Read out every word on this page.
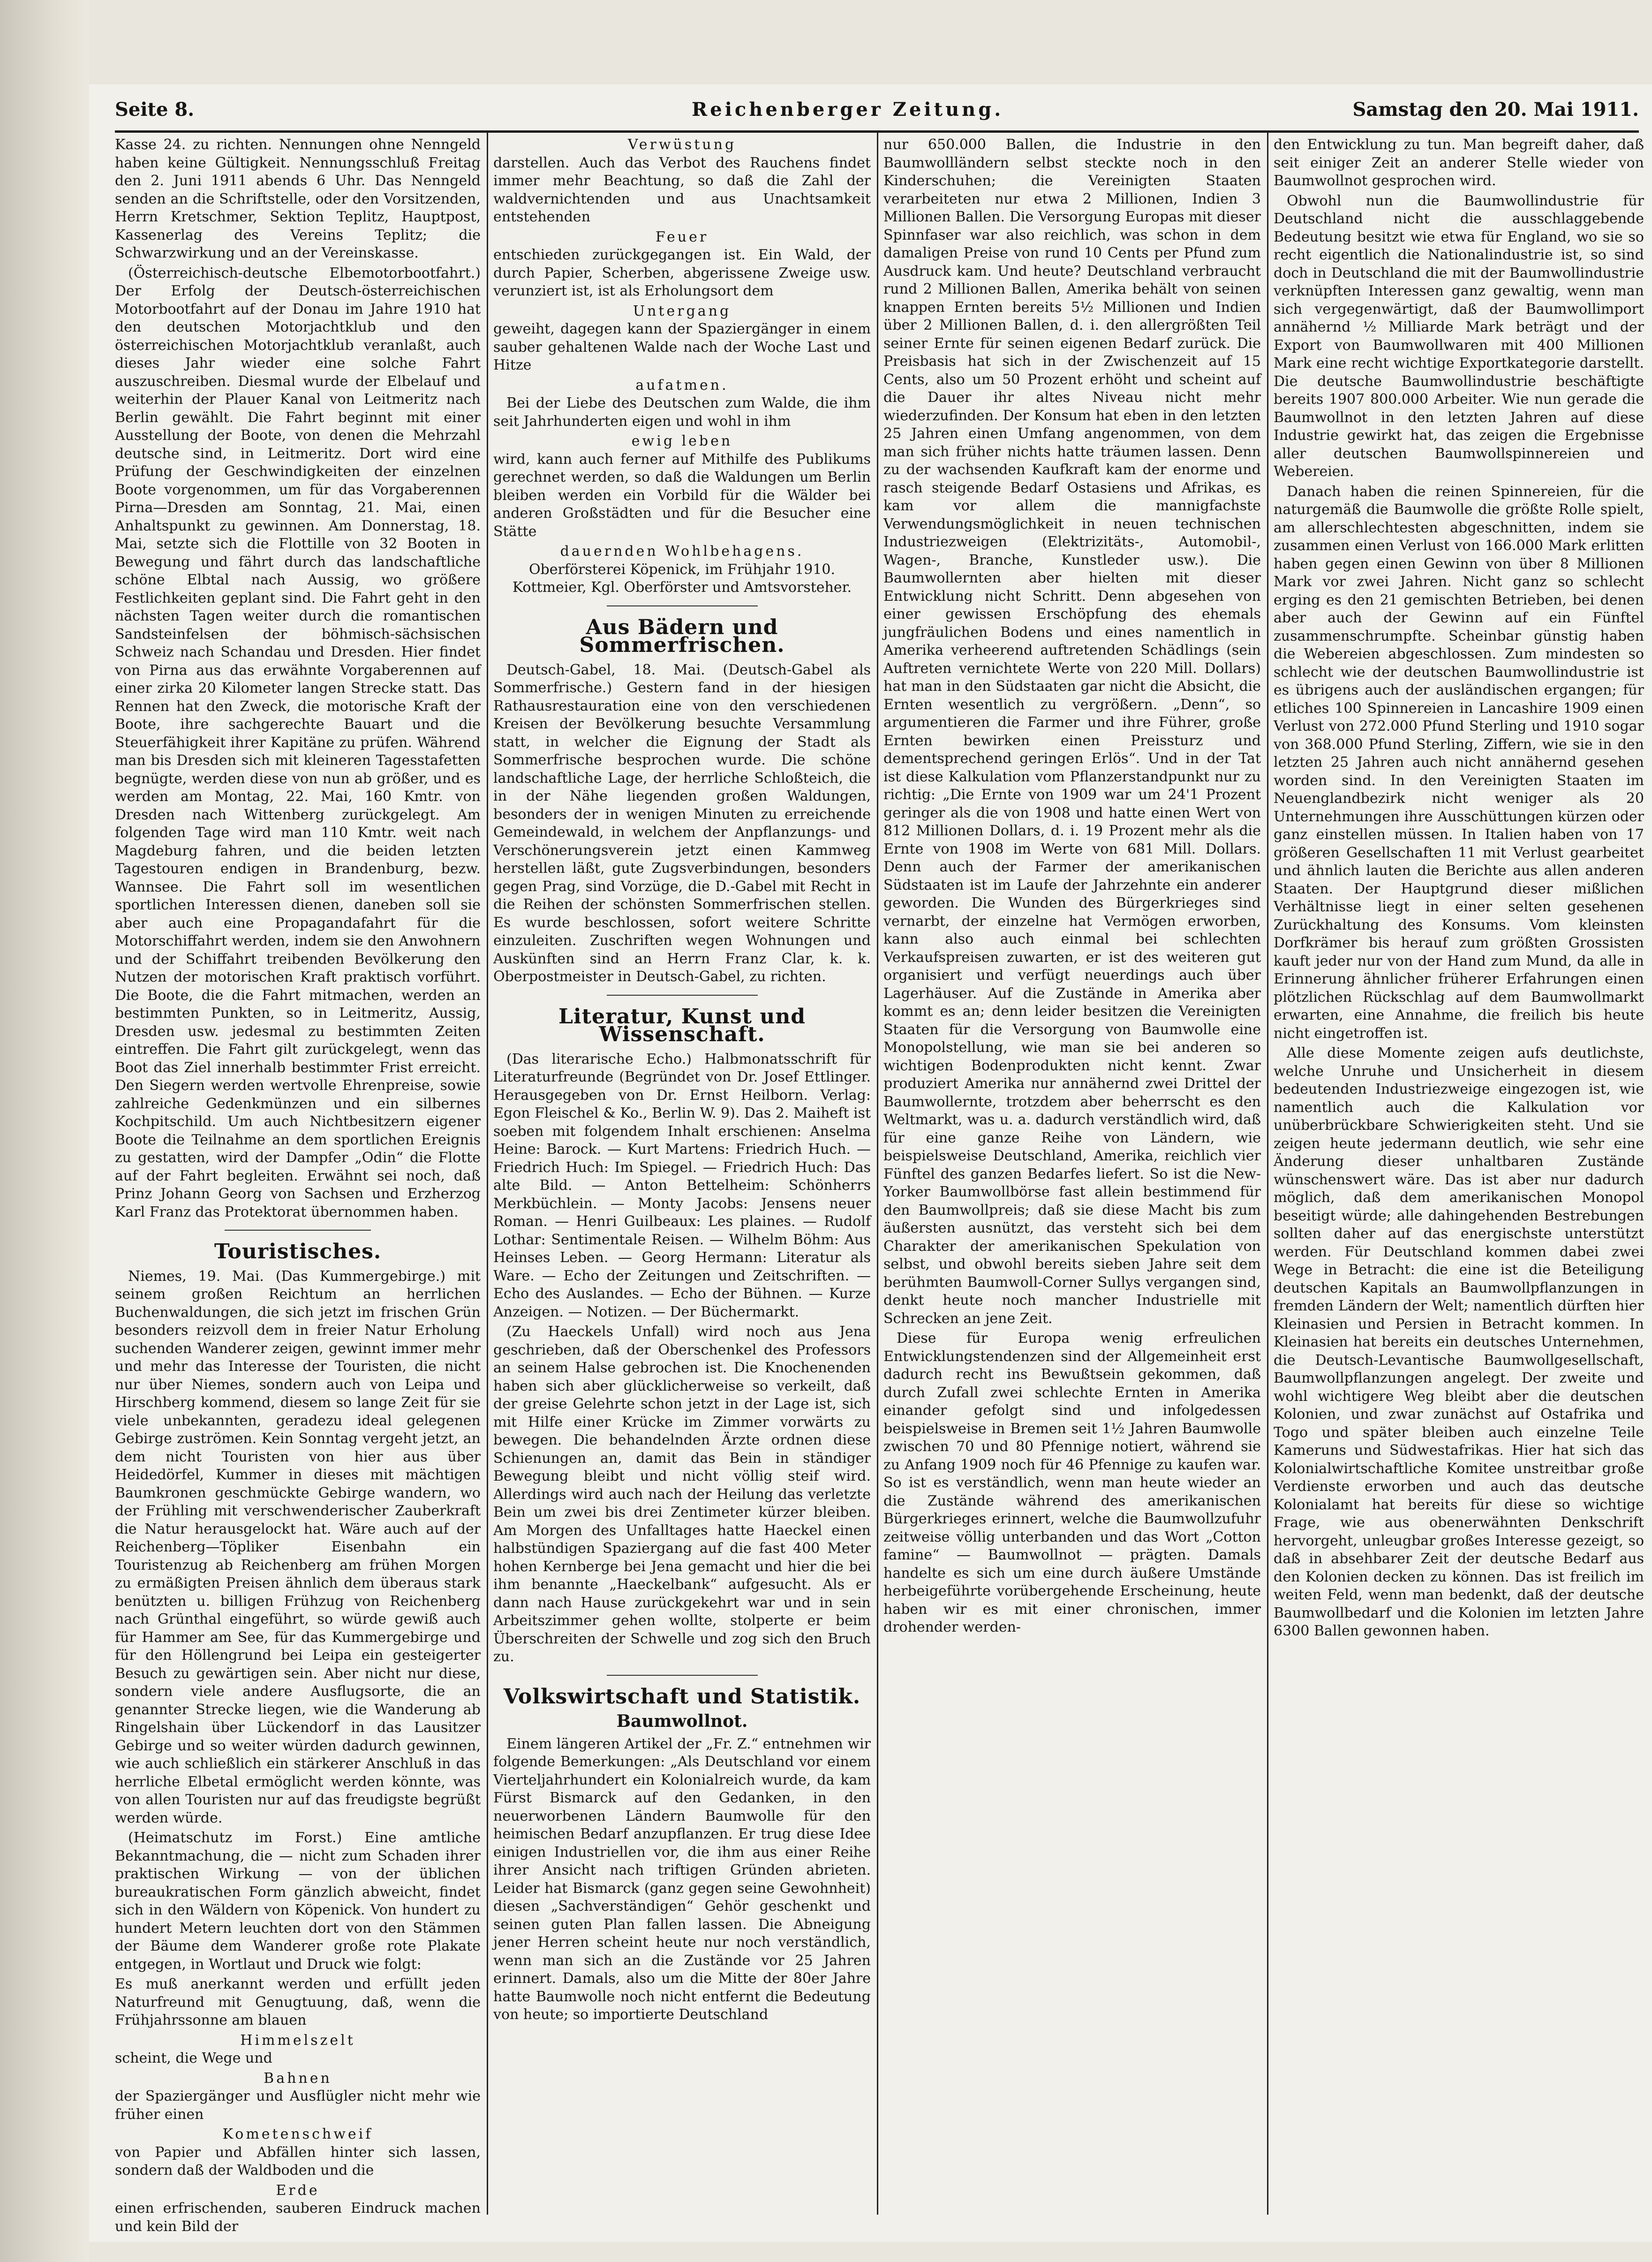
Seite 8.	Reichenberger Zeitung.	Samstag den 20. Mai 1911.

Kasse 24. zu richten. Nennungen ohne Nenngeld haben keine Gültigkeit. Nennungsschluß Freitag den 2. Juni 1911 abends 6 Uhr. Das Nenngeld senden an die Schriftstelle, oder den Vorsitzenden, Herrn Kretschmer, Sektion Teplitz, Hauptpost, Kassenerlag des Vereins Teplitz; die Schwarzwirkung und an der Vereinskasse.

(Österreichisch-deutsche Elbemotorbootfahrt.) Der Erfolg der Deutsch-österreichischen Motorbootfahrt auf der Donau im Jahre 1910 hat den deutschen Motorjachtklub und den österreichischen Motorjachtklub veranlaßt, auch dieses Jahr wieder eine solche Fahrt auszuschreiben. Diesmal wurde der Elbelauf und weiterhin der Plauer Kanal von Leitmeritz nach Berlin gewählt. Die Fahrt beginnt mit einer Ausstellung der Boote, von denen die Mehrzahl deutsche sind, in Leitmeritz. Dort wird eine Prüfung der Geschwindigkeiten der einzelnen Boote vorgenommen, um für das Vorgaberennen Pirna—Dresden am Sonntag, 21. Mai, einen Anhaltspunkt zu gewinnen. Am Donnerstag, 18. Mai, setzte sich die Flottille von 32 Booten in Bewegung und fährt durch das landschaftliche schöne Elbtal nach Aussig, wo größere Festlichkeiten geplant sind. Die Fahrt geht in den nächsten Tagen weiter durch die romantischen Sandsteinfelsen der böhmisch-sächsischen Schweiz nach Schandau und Dresden. Hier findet von Pirna aus das erwähnte Vorgaberennen auf einer zirka 20 Kilometer langen Strecke statt. Das Rennen hat den Zweck, die motorische Kraft der Boote, ihre sachgerechte Bauart und die Steuerfähigkeit ihrer Kapitäne zu prüfen. Während man bis Dresden sich mit kleineren Tagesstafetten begnügte, werden diese von nun ab größer, und es werden am Montag, 22. Mai, 160 Kmtr. von Dresden nach Wittenberg zurückgelegt. Am folgenden Tage wird man 110 Kmtr. weit nach Magdeburg fahren, und die beiden letzten Tagestouren endigen in Brandenburg, bezw. Wannsee. Die Fahrt soll im wesentlichen sportlichen Interessen dienen, daneben soll sie aber auch eine Propagandafahrt für die Motorschiffahrt werden, indem sie den Anwohnern und der Schiffahrt treibenden Bevölkerung den Nutzen der motorischen Kraft praktisch vorführt. Die Boote, die die Fahrt mitmachen, werden an bestimmten Punkten, so in Leitmeritz, Aussig, Dresden usw. jedesmal zu bestimmten Zeiten eintreffen. Die Fahrt gilt zurückgelegt, wenn das Boot das Ziel innerhalb bestimmter Frist erreicht. Den Siegern werden wertvolle Ehrenpreise, sowie zahlreiche Gedenkmünzen und ein silbernes Kochpitschild. Um auch Nichtbesitzern eigener Boote die Teilnahme an dem sportlichen Ereignis zu gestatten, wird der Dampfer „Odin“ die Flotte auf der Fahrt begleiten. Erwähnt sei noch, daß Prinz Johann Georg von Sachsen und Erzherzog Karl Franz das Protektorat übernommen haben.

Touristisches.

Niemes, 19. Mai. (Das Kummergebirge.) mit seinem großen Reichtum an herrlichen Buchenwaldungen, die sich jetzt im frischen Grün besonders reizvoll dem in freier Natur Erholung suchenden Wanderer zeigen, gewinnt immer mehr und mehr das Interesse der Touristen, die nicht nur über Niemes, sondern auch von Leipa und Hirschberg kommend, diesem so lange Zeit für sie viele unbekannten, geradezu ideal gelegenen Gebirge zuströmen. Kein Sonntag vergeht jetzt, an dem nicht Touristen von hier aus über Heidedörfel, Kummer in dieses mit mächtigen Baumkronen geschmückte Gebirge wandern, wo der Frühling mit verschwenderischer Zauberkraft die Natur herausgelockt hat. Wäre auch auf der Reichenberg—Töpliker Eisenbahn ein Touristenzug ab Reichenberg am frühen Morgen zu ermäßigten Preisen ähnlich dem überaus stark benützten u. billigen Frühzug von Reichenberg nach Grünthal eingeführt, so würde gewiß auch für Hammer am See, für das Kummergebirge und für den Höllengrund bei Leipa ein gesteigerter Besuch zu gewärtigen sein. Aber nicht nur diese, sondern viele andere Ausflugsorte, die an genannter Strecke liegen, wie die Wanderung ab Ringelshain über Lückendorf in das Lausitzer Gebirge und so weiter würden dadurch gewinnen, wie auch schließlich ein stärkerer Anschluß in das herrliche Elbetal ermöglicht werden könnte, was von allen Touristen nur auf das freudigste begrüßt werden würde.

(Heimatschutz im Forst.) Eine amtliche Bekanntmachung, die — nicht zum Schaden ihrer praktischen Wirkung — von der üblichen bureaukratischen Form gänzlich abweicht, findet sich in den Wäldern von Köpenick. Von hundert zu hundert Metern leuchten dort von den Stämmen der Bäume dem Wanderer große rote Plakate entgegen, in Wortlaut und Druck wie folgt:

Es muß anerkannt werden und erfüllt jeden Naturfreund mit Genugtuung, daß, wenn die Frühjahrssonne am blauen

Himmelszelt

scheint, die Wege und

Bahnen

der Spaziergänger und Ausflügler nicht mehr wie früher einen

Kometenschweif

von Papier und Abfällen hinter sich lassen, sondern daß der Waldboden und die

Erde

einen erfrischenden, sauberen Eindruck machen und kein Bild der

Verwüstung

darstellen. Auch das Verbot des Rauchens findet immer mehr Beachtung, so daß die Zahl der waldvernichtenden und aus Unachtsamkeit entstehenden

Feuer

entschieden zurückgegangen ist. Ein Wald, der durch Papier, Scherben, abgerissene Zweige usw. verunziert ist, ist als Erholungsort dem

Untergang

geweiht, dagegen kann der Spaziergänger in einem sauber gehaltenen Walde nach der Woche Last und Hitze

aufatmen.

Bei der Liebe des Deutschen zum Walde, die ihm seit Jahrhunderten eigen und wohl in ihm

ewig leben

wird, kann auch ferner auf Mithilfe des Publikums gerechnet werden, so daß die Waldungen um Berlin bleiben werden ein Vorbild für die Wälder bei anderen Großstädten und für die Besucher eine Stätte

dauernden Wohlbehagens.

Oberförsterei Köpenick, im Frühjahr 1910.

Kottmeier, Kgl. Oberförster und Amtsvorsteher.

Aus Bädern und Sommerfrischen.

Deutsch-Gabel, 18. Mai. (Deutsch-Gabel als Sommerfrische.) Gestern fand in der hiesigen Rathausrestauration eine von den verschiedenen Kreisen der Bevölkerung besuchte Versammlung statt, in welcher die Eignung der Stadt als Sommerfrische besprochen wurde. Die schöne landschaftliche Lage, der herrliche Schloßteich, die in der Nähe liegenden großen Waldungen, besonders der in wenigen Minuten zu erreichende Gemeindewald, in welchem der Anpflanzungs- und Verschönerungsverein jetzt einen Kammweg herstellen läßt, gute Zugsverbindungen, besonders gegen Prag, sind Vorzüge, die D.-Gabel mit Recht in die Reihen der schönsten Sommerfrischen stellen. Es wurde beschlossen, sofort weitere Schritte einzuleiten. Zuschriften wegen Wohnungen und Auskünften sind an Herrn Franz Clar, k. k. Oberpostmeister in Deutsch-Gabel, zu richten.

Literatur, Kunst und Wissenschaft.

(Das literarische Echo.) Halbmonatsschrift für Literaturfreunde (Begründet von Dr. Josef Ettlinger. Herausgegeben von Dr. Ernst Heilborn. Verlag: Egon Fleischel & Ko., Berlin W. 9). Das 2. Maiheft ist soeben mit folgendem Inhalt erschienen: Anselma Heine: Barock. — Kurt Martens: Friedrich Huch. — Friedrich Huch: Im Spiegel. — Friedrich Huch: Das alte Bild. — Anton Bettelheim: Schönherrs Merkbüchlein. — Monty Jacobs: Jensens neuer Roman. — Henri Guilbeaux: Les plaines. — Rudolf Lothar: Sentimentale Reisen. — Wilhelm Böhm: Aus Heinses Leben. — Georg Hermann: Literatur als Ware. — Echo der Zeitungen und Zeitschriften. — Echo des Auslandes. — Echo der Bühnen. — Kurze Anzeigen. — Notizen. — Der Büchermarkt.

(Zu Haeckels Unfall) wird noch aus Jena geschrieben, daß der Oberschenkel des Professors an seinem Halse gebrochen ist. Die Knochenenden haben sich aber glücklicherweise so verkeilt, daß der greise Gelehrte schon jetzt in der Lage ist, sich mit Hilfe einer Krücke im Zimmer vorwärts zu bewegen. Die behandelnden Ärzte ordnen diese Schienungen an, damit das Bein in ständiger Bewegung bleibt und nicht völlig steif wird. Allerdings wird auch nach der Heilung das verletzte Bein um zwei bis drei Zentimeter kürzer bleiben. Am Morgen des Unfalltages hatte Haeckel einen halbstündigen Spaziergang auf die fast 400 Meter hohen Kernberge bei Jena gemacht und hier die bei ihm benannte „Haeckelbank“ aufgesucht. Als er dann nach Hause zurückgekehrt war und in sein Arbeitszimmer gehen wollte, stolperte er beim Überschreiten der Schwelle und zog sich den Bruch zu.

Volkswirtschaft und Statistik.
Baumwollnot.

Einem längeren Artikel der „Fr. Z.“ entnehmen wir folgende Bemerkungen: „Als Deutschland vor einem Vierteljahrhundert ein Kolonialreich wurde, da kam Fürst Bismarck auf den Gedanken, in den neuerworbenen Ländern Baumwolle für den heimischen Bedarf anzupflanzen. Er trug diese Idee einigen Industriellen vor, die ihm aus einer Reihe ihrer Ansicht nach triftigen Gründen abrieten. Leider hat Bismarck (ganz gegen seine Gewohnheit) diesen „Sachverständigen“ Gehör geschenkt und seinen guten Plan fallen lassen. Die Abneigung jener Herren scheint heute nur noch verständlich, wenn man sich an die Zustände vor 25 Jahren erinnert. Damals, also um die Mitte der 80er Jahre hatte Baumwolle noch nicht entfernt die Bedeutung von heute; so importierte Deutschland

nur 650.000 Ballen, die Industrie in den Baumwollländern selbst steckte noch in den Kinderschuhen; die Vereinigten Staaten verarbeiteten nur etwa 2 Millionen, Indien 3 Millionen Ballen. Die Versorgung Europas mit dieser Spinnfaser war also reichlich, was schon in dem damaligen Preise von rund 10 Cents per Pfund zum Ausdruck kam. Und heute? Deutschland verbraucht rund 2 Millionen Ballen, Amerika behält von seinen knappen Ernten bereits 5½ Millionen und Indien über 2 Millionen Ballen, d. i. den allergrößten Teil seiner Ernte für seinen eigenen Bedarf zurück. Die Preisbasis hat sich in der Zwischenzeit auf 15 Cents, also um 50 Prozent erhöht und scheint auf die Dauer ihr altes Niveau nicht mehr wiederzufinden. Der Konsum hat eben in den letzten 25 Jahren einen Umfang angenommen, von dem man sich früher nichts hatte träumen lassen. Denn zu der wachsenden Kaufkraft kam der enorme und rasch steigende Bedarf Ostasiens und Afrikas, es kam vor allem die mannigfachste Verwendungsmöglichkeit in neuen technischen Industriezweigen (Elektrizitäts-, Automobil-, Wagen-, Branche, Kunstleder usw.). Die Baumwollernten aber hielten mit dieser Entwicklung nicht Schritt. Denn abgesehen von einer gewissen Erschöpfung des ehemals jungfräulichen Bodens und eines namentlich in Amerika verheerend auftretenden Schädlings (sein Auftreten vernichtete Werte von 220 Mill. Dollars) hat man in den Südstaaten gar nicht die Absicht, die Ernten wesentlich zu vergrößern. „Denn“, so argumentieren die Farmer und ihre Führer, große Ernten bewirken einen Preissturz und dementsprechend geringen Erlös“. Und in der Tat ist diese Kalkulation vom Pflanzerstandpunkt nur zu richtig: „Die Ernte von 1909 war um 24'1 Prozent geringer als die von 1908 und hatte einen Wert von 812 Millionen Dollars, d. i. 19 Prozent mehr als die Ernte von 1908 im Werte von 681 Mill. Dollars. Denn auch der Farmer der amerikanischen Südstaaten ist im Laufe der Jahrzehnte ein anderer geworden. Die Wunden des Bürgerkrieges sind vernarbt, der einzelne hat Vermögen erworben, kann also auch einmal bei schlechten Verkaufspreisen zuwarten, er ist des weiteren gut organisiert und verfügt neuerdings auch über Lagerhäuser. Auf die Zustände in Amerika aber kommt es an; denn leider besitzen die Vereinigten Staaten für die Versorgung von Baumwolle eine Monopolstellung, wie man sie bei anderen so wichtigen Bodenprodukten nicht kennt. Zwar produziert Amerika nur annähernd zwei Drittel der Baumwollernte, trotzdem aber beherrscht es den Weltmarkt, was u. a. dadurch verständlich wird, daß für eine ganze Reihe von Ländern, wie beispielsweise Deutschland, Amerika, reichlich vier Fünftel des ganzen Bedarfes liefert. So ist die New-Yorker Baumwollbörse fast allein bestimmend für den Baumwollpreis; daß sie diese Macht bis zum äußersten ausnützt, das versteht sich bei dem Charakter der amerikanischen Spekulation von selbst, und obwohl bereits sieben Jahre seit dem berühmten Baumwoll-Corner Sullys vergangen sind, denkt heute noch mancher Industrielle mit Schrecken an jene Zeit.

Diese für Europa wenig erfreulichen Entwicklungstendenzen sind der Allgemeinheit erst dadurch recht ins Bewußtsein gekommen, daß durch Zufall zwei schlechte Ernten in Amerika einander gefolgt sind und infolgedessen beispielsweise in Bremen seit 1½ Jahren Baumwolle zwischen 70 und 80 Pfennige notiert, während sie zu Anfang 1909 noch für 46 Pfennige zu kaufen war. So ist es verständlich, wenn man heute wieder an die Zustände während des amerikanischen Bürgerkrieges erinnert, welche die Baumwollzufuhr zeitweise völlig unterbanden und das Wort „Cotton famine“ — Baumwollnot — prägten. Damals handelte es sich um eine durch äußere Umstände herbeigeführte vorübergehende Erscheinung, heute haben wir es mit einer chronischen, immer drohender werden-

den Entwicklung zu tun. Man begreift daher, daß seit einiger Zeit an anderer Stelle wieder von Baumwollnot gesprochen wird.

Obwohl nun die Baumwollindustrie für Deutschland nicht die ausschlaggebende Bedeutung besitzt wie etwa für England, wo sie so recht eigentlich die Nationalindustrie ist, so sind doch in Deutschland die mit der Baumwollindustrie verknüpften Interessen ganz gewaltig, wenn man sich vergegenwärtigt, daß der Baumwollimport annähernd ½ Milliarde Mark beträgt und der Export von Baumwollwaren mit 400 Millionen Mark eine recht wichtige Exportkategorie darstellt. Die deutsche Baumwollindustrie beschäftigte bereits 1907 800.000 Arbeiter. Wie nun gerade die Baumwollnot in den letzten Jahren auf diese Industrie gewirkt hat, das zeigen die Ergebnisse aller deutschen Baumwollspinnereien und Webereien.

Danach haben die reinen Spinnereien, für die naturgemäß die Baumwolle die größte Rolle spielt, am allerschlechtesten abgeschnitten, indem sie zusammen einen Verlust von 166.000 Mark erlitten haben gegen einen Gewinn von über 8 Millionen Mark vor zwei Jahren. Nicht ganz so schlecht erging es den 21 gemischten Betrieben, bei denen aber auch der Gewinn auf ein Fünftel zusammenschrumpfte. Scheinbar günstig haben die Webereien abgeschlossen. Zum mindesten so schlecht wie der deutschen Baumwollindustrie ist es übrigens auch der ausländischen ergangen; für etliches 100 Spinnereien in Lancashire 1909 einen Verlust von 272.000 Pfund Sterling und 1910 sogar von 368.000 Pfund Sterling, Ziffern, wie sie in den letzten 25 Jahren auch nicht annähernd gesehen worden sind. In den Vereinigten Staaten im Neuenglandbezirk nicht weniger als 20 Unternehmungen ihre Ausschüttungen kürzen oder ganz einstellen müssen. In Italien haben von 17 größeren Gesellschaften 11 mit Verlust gearbeitet und ähnlich lauten die Berichte aus allen anderen Staaten. Der Hauptgrund dieser mißlichen Verhältnisse liegt in einer selten gesehenen Zurückhaltung des Konsums. Vom kleinsten Dorfkrämer bis herauf zum größten Grossisten kauft jeder nur von der Hand zum Mund, da alle in Erinnerung ähnlicher früherer Erfahrungen einen plötzlichen Rückschlag auf dem Baumwollmarkt erwarten, eine Annahme, die freilich bis heute nicht eingetroffen ist.

Alle diese Momente zeigen aufs deutlichste, welche Unruhe und Unsicherheit in diesem bedeutenden Industriezweige eingezogen ist, wie namentlich auch die Kalkulation vor unüberbrückbare Schwierigkeiten steht. Und sie zeigen heute jedermann deutlich, wie sehr eine Änderung dieser unhaltbaren Zustände wünschenswert wäre. Das ist aber nur dadurch möglich, daß dem amerikanischen Monopol beseitigt würde; alle dahingehenden Bestrebungen sollten daher auf das energischste unterstützt werden. Für Deutschland kommen dabei zwei Wege in Betracht: die eine ist die Beteiligung deutschen Kapitals an Baumwollpflanzungen in fremden Ländern der Welt; namentlich dürften hier Kleinasien und Persien in Betracht kommen. In Kleinasien hat bereits ein deutsches Unternehmen, die Deutsch-Levantische Baumwollgesellschaft, Baumwollpflanzungen angelegt. Der zweite und wohl wichtigere Weg bleibt aber die deutschen Kolonien, und zwar zunächst auf Ostafrika und Togo und später bleiben auch einzelne Teile Kameruns und Südwestafrikas. Hier hat sich das Kolonialwirtschaftliche Komitee unstreitbar große Verdienste erworben und auch das deutsche Kolonialamt hat bereits für diese so wichtige Frage, wie aus obenerwähnten Denkschrift hervorgeht, unleugbar großes Interesse gezeigt, so daß in absehbarer Zeit der deutsche Bedarf aus den Kolonien decken zu können. Das ist freilich im weiten Feld, wenn man bedenkt, daß der deutsche Baumwollbedarf und die Kolonien im letzten Jahre 6300 Ballen gewonnen haben.
